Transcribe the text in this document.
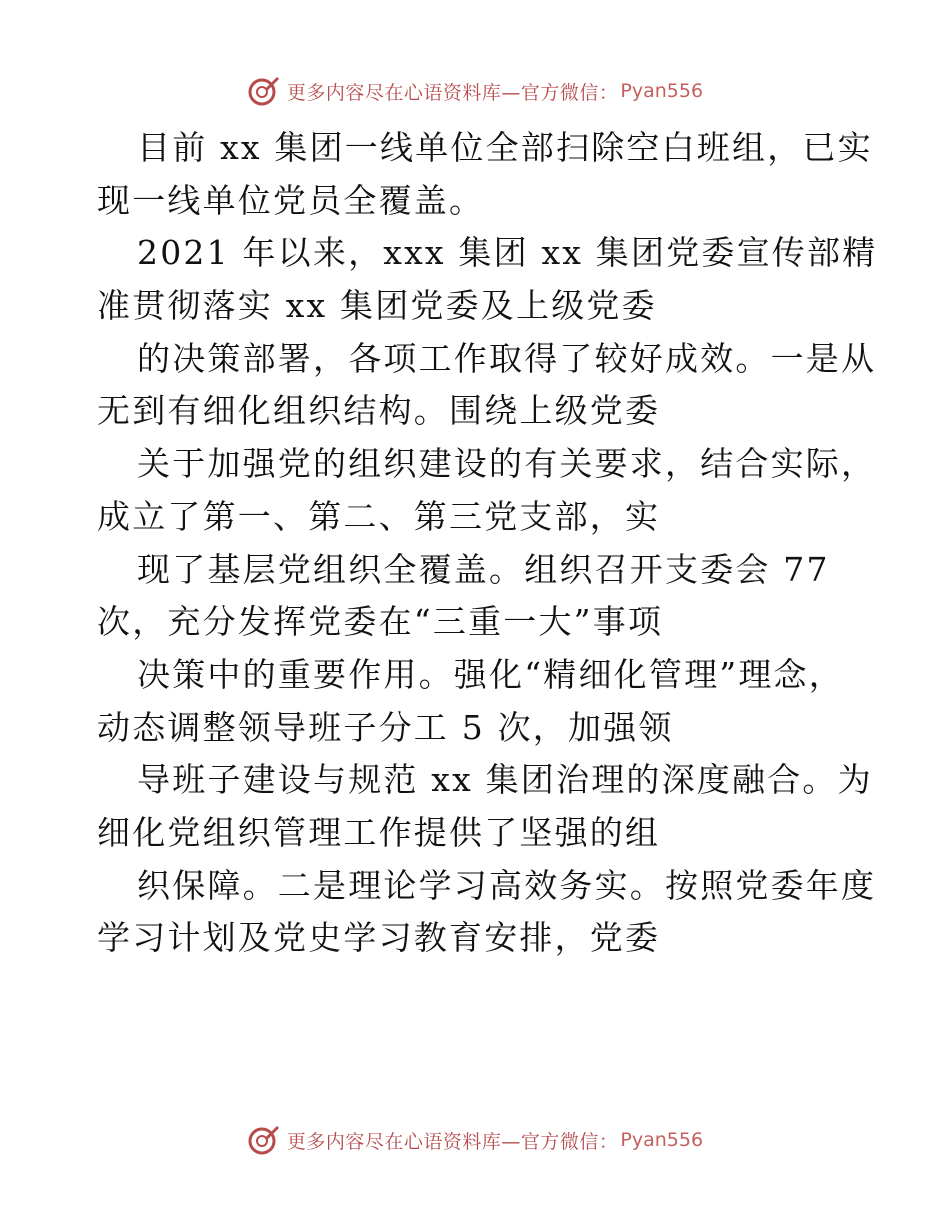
更多内容尽在心语资料库—官方微信： Pyan556
目前 xx 集团一线单位全部扫除空白班组，已实
现一线单位党员全覆盖。
2021 年以来，xxx 集团 xx 集团党委宣传部精
准贯彻落实 xx 集团党委及上级党委
的决策部署，各项工作取得了较好成效。一是从
无到有细化组织结构。围绕上级党委
关于加强党的组织建设的有关要求，结合实际，
成立了第一、第二、第三党支部，实
现了基层党组织全覆盖。组织召开支委会 77
次，充分发挥党委在“三重一大”事项
决策中的重要作用。强化“精细化管理”理念，
动态调整领导班子分工 5 次，加强领
导班子建设与规范 xx 集团治理的深度融合。为
细化党组织管理工作提供了坚强的组
织保障。二是理论学习高效务实。按照党委年度
学习计划及党史学习教育安排，党委
更多内容尽在心语资料库—官方微信： Pyan556
